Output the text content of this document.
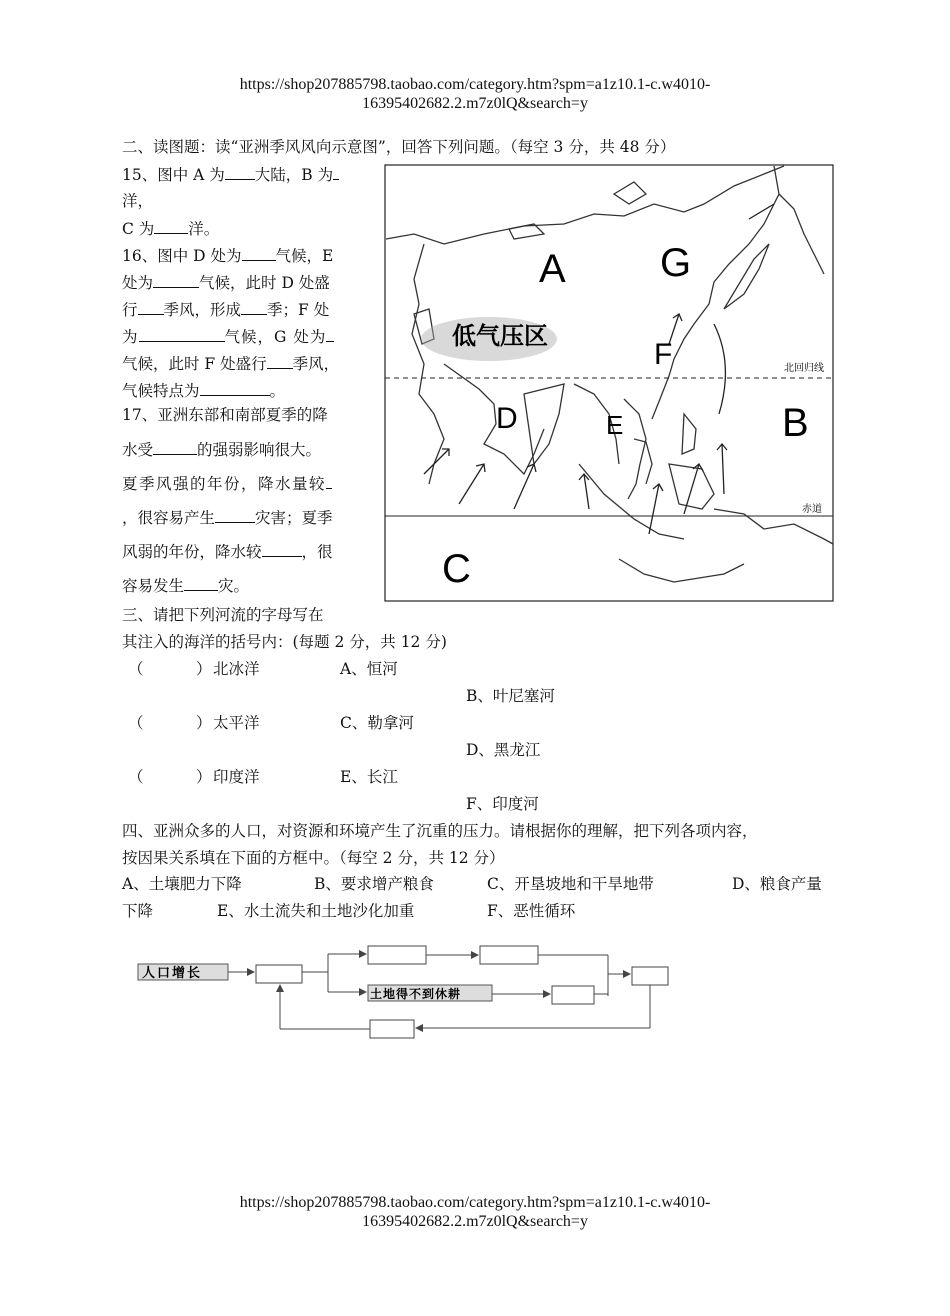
https://shop207885798.taobao.com/category.htm?spm=a1z10.1-c.w4010-
16395402682.2.m7z0lQ&search=y
二、读图题：读“亚洲季风风向示意图”，回答下列问题。（每空 3 分，共 48 分）
15、图中 A 为 大陆，B 为
洋，
C 为 洋。
16、图中 D 处为 气候，E
处为	气候，此时 D 处盛
行 季风，形成 季；F 处
为	气候，G 处为
气候，此时 F 处盛行 季风，
气候特点为	。
17、亚洲东部和南部夏季的降
水受	的强弱影响很大。
夏季风强的年份，降水量较
，很容易产生	灾害；夏季
风弱的年份，降水较	，很
容易发生 灾。
A
B
C
D	E
F
G
低气压区
北回归线
赤道
三、请把下列河流的字母写在
其注入的海洋的括号内：(每题 2 分，共 12 分)
（	） 北冰洋	A、恒河
B、叶尼塞河
（	） 太平洋	C、勒拿河
D、黑龙江
（	） 印度洋	E、长江
F、印度河
四、亚洲众多的人口，对资源和环境产生了沉重的压力。请根据你的理解，把下列各项内容，
按因果关系填在下面的方框中。（每空 2 分，共 12 分）
A、土壤肥力下降	B、要求增产粮食	C、开垦坡地和干旱地带	D、粮食产量
下降	E、水土流失和土地沙化加重	F、恶性循环
人口增长
土地得不到休耕
https://shop207885798.taobao.com/category.htm?spm=a1z10.1-c.w4010-
16395402682.2.m7z0lQ&search=y
